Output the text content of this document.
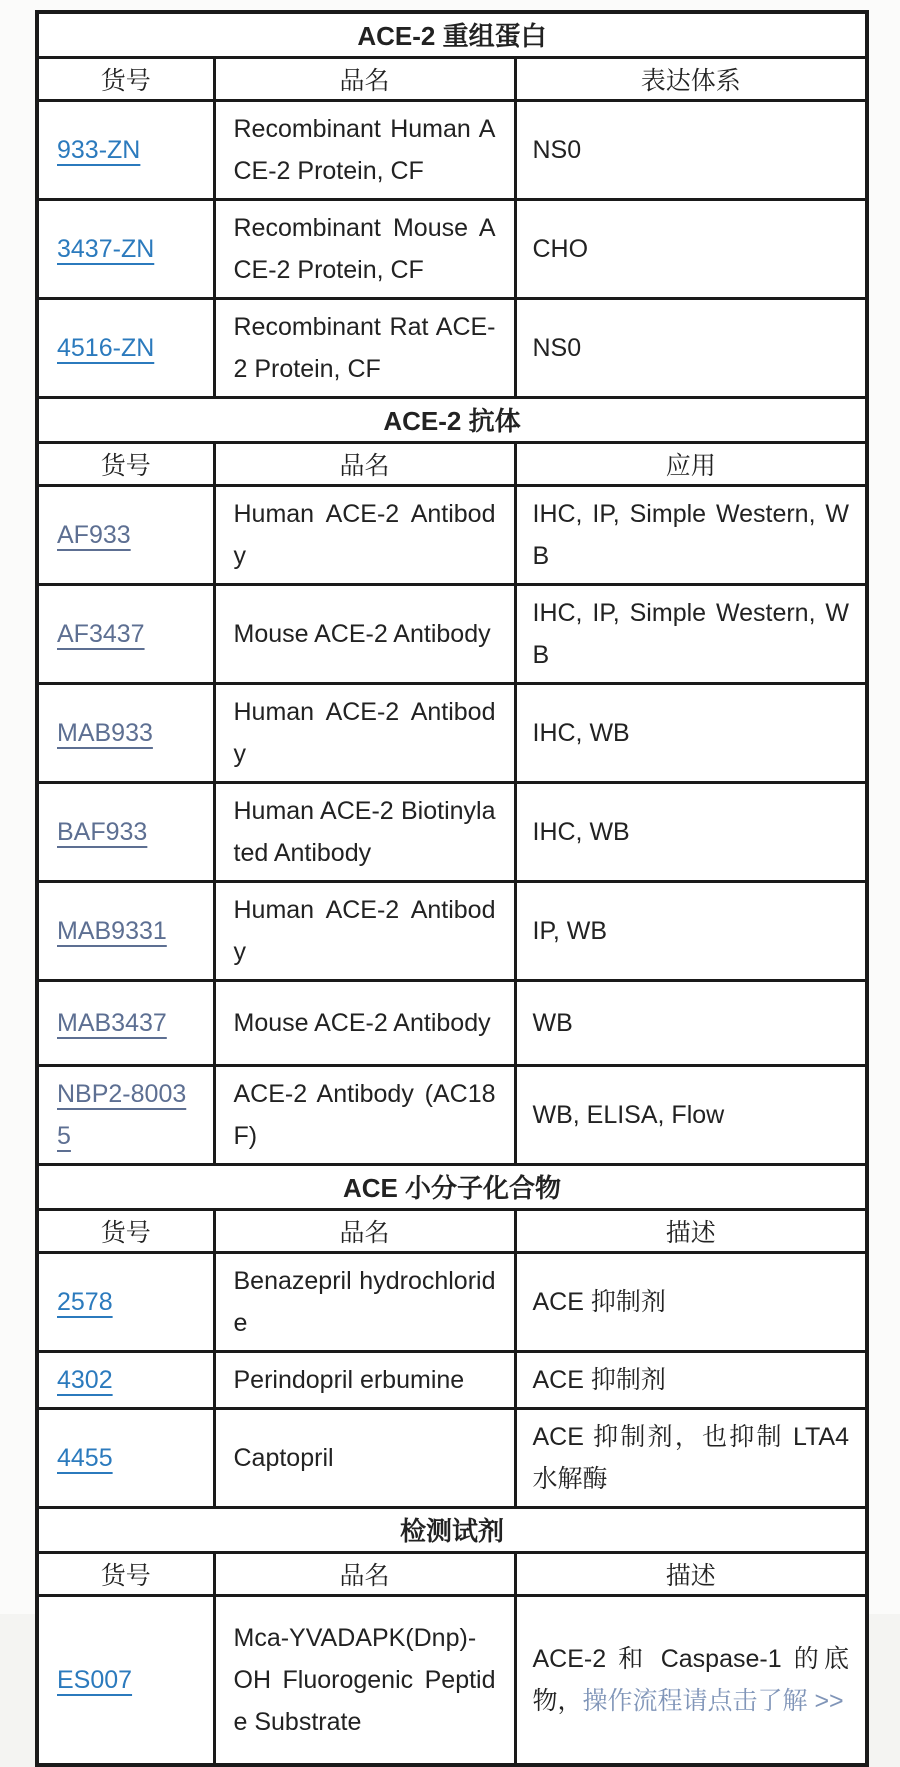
ACE-2 重组蛋白		
货号	品名	表达体系
933-ZN	Recombinant Human ACE-2 Protein, CF	NS0
3437-ZN	Recombinant Mouse ACE-2 Protein, CF	CHO
4516-ZN	Recombinant Rat ACE-2 Protein, CF	NS0
ACE-2 抗体		
货号	品名	应用
AF933	Human ACE-2 Antibody	IHC, IP, Simple Western, WB
AF3437	Mouse ACE-2 Antibody	IHC, IP, Simple Western, WB
MAB933	Human ACE-2 Antibody	IHC, WB
BAF933	Human ACE-2 Biotinylated Antibody	IHC, WB
MAB9331	Human ACE-2 Antibody	IP, WB
MAB3437	Mouse ACE-2 Antibody	WB
NBP2-80035	ACE-2 Antibody (AC18F)	WB, ELISA, Flow
ACE 小分子化合物		
货号	品名	描述
2578	Benazepril hydrochloride	ACE 抑制剂
4302	Perindopril erbumine	ACE 抑制剂
4455	Captopril	ACE 抑制剂，也抑制 LTA4 水解酶
检测试剂		
货号	品名	描述
ES007	Mca-YVADAPK(Dnp)-OH Fluorogenic Peptide Substrate	ACE-2 和 Caspase-1 的底物，操作流程请点击了解 >>
